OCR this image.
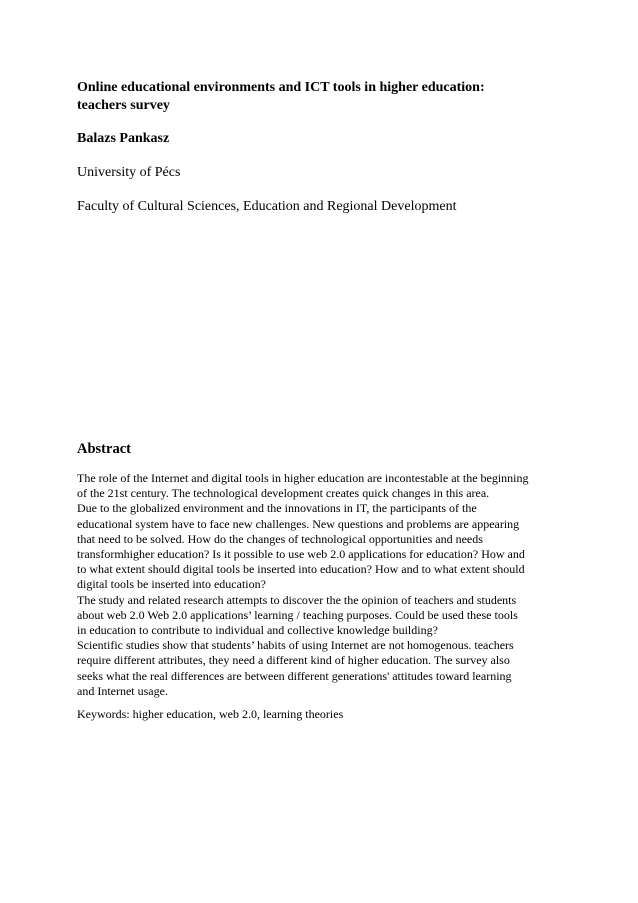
Online educational environments and ICT tools in higher education:
teachers survey

Balazs Pankasz

University of Pécs

Faculty of Cultural Sciences, Education and Regional Development

Abstract
The role of the Internet and digital tools in higher education are incontestable at the beginning
of the 21st century. The technological development creates quick changes in this area.
Due to the globalized environment and the innovations in IT, the participants of the
educational system have to face new challenges. New questions and problems are appearing
that need to be solved. How do the changes of technological opportunities and needs
transformhigher education? Is it possible to use web 2.0 applications for education? How and
to what extent should digital tools be inserted into education? How and to what extent should
digital tools be inserted into education?
The study and related research attempts to discover the the opinion of teachers and students
about web 2.0 Web 2.0 applications’ learning / teaching purposes. Could be used these tools
in education to contribute to individual and collective knowledge building?
Scientific studies show that students’ habits of using Internet are not homogenous. teachers
require different attributes, they need a different kind of higher education. The survey also
seeks what the real differences are between different generations' attitudes toward learning
and Internet usage.

Keywords: higher education, web 2.0, learning theories
